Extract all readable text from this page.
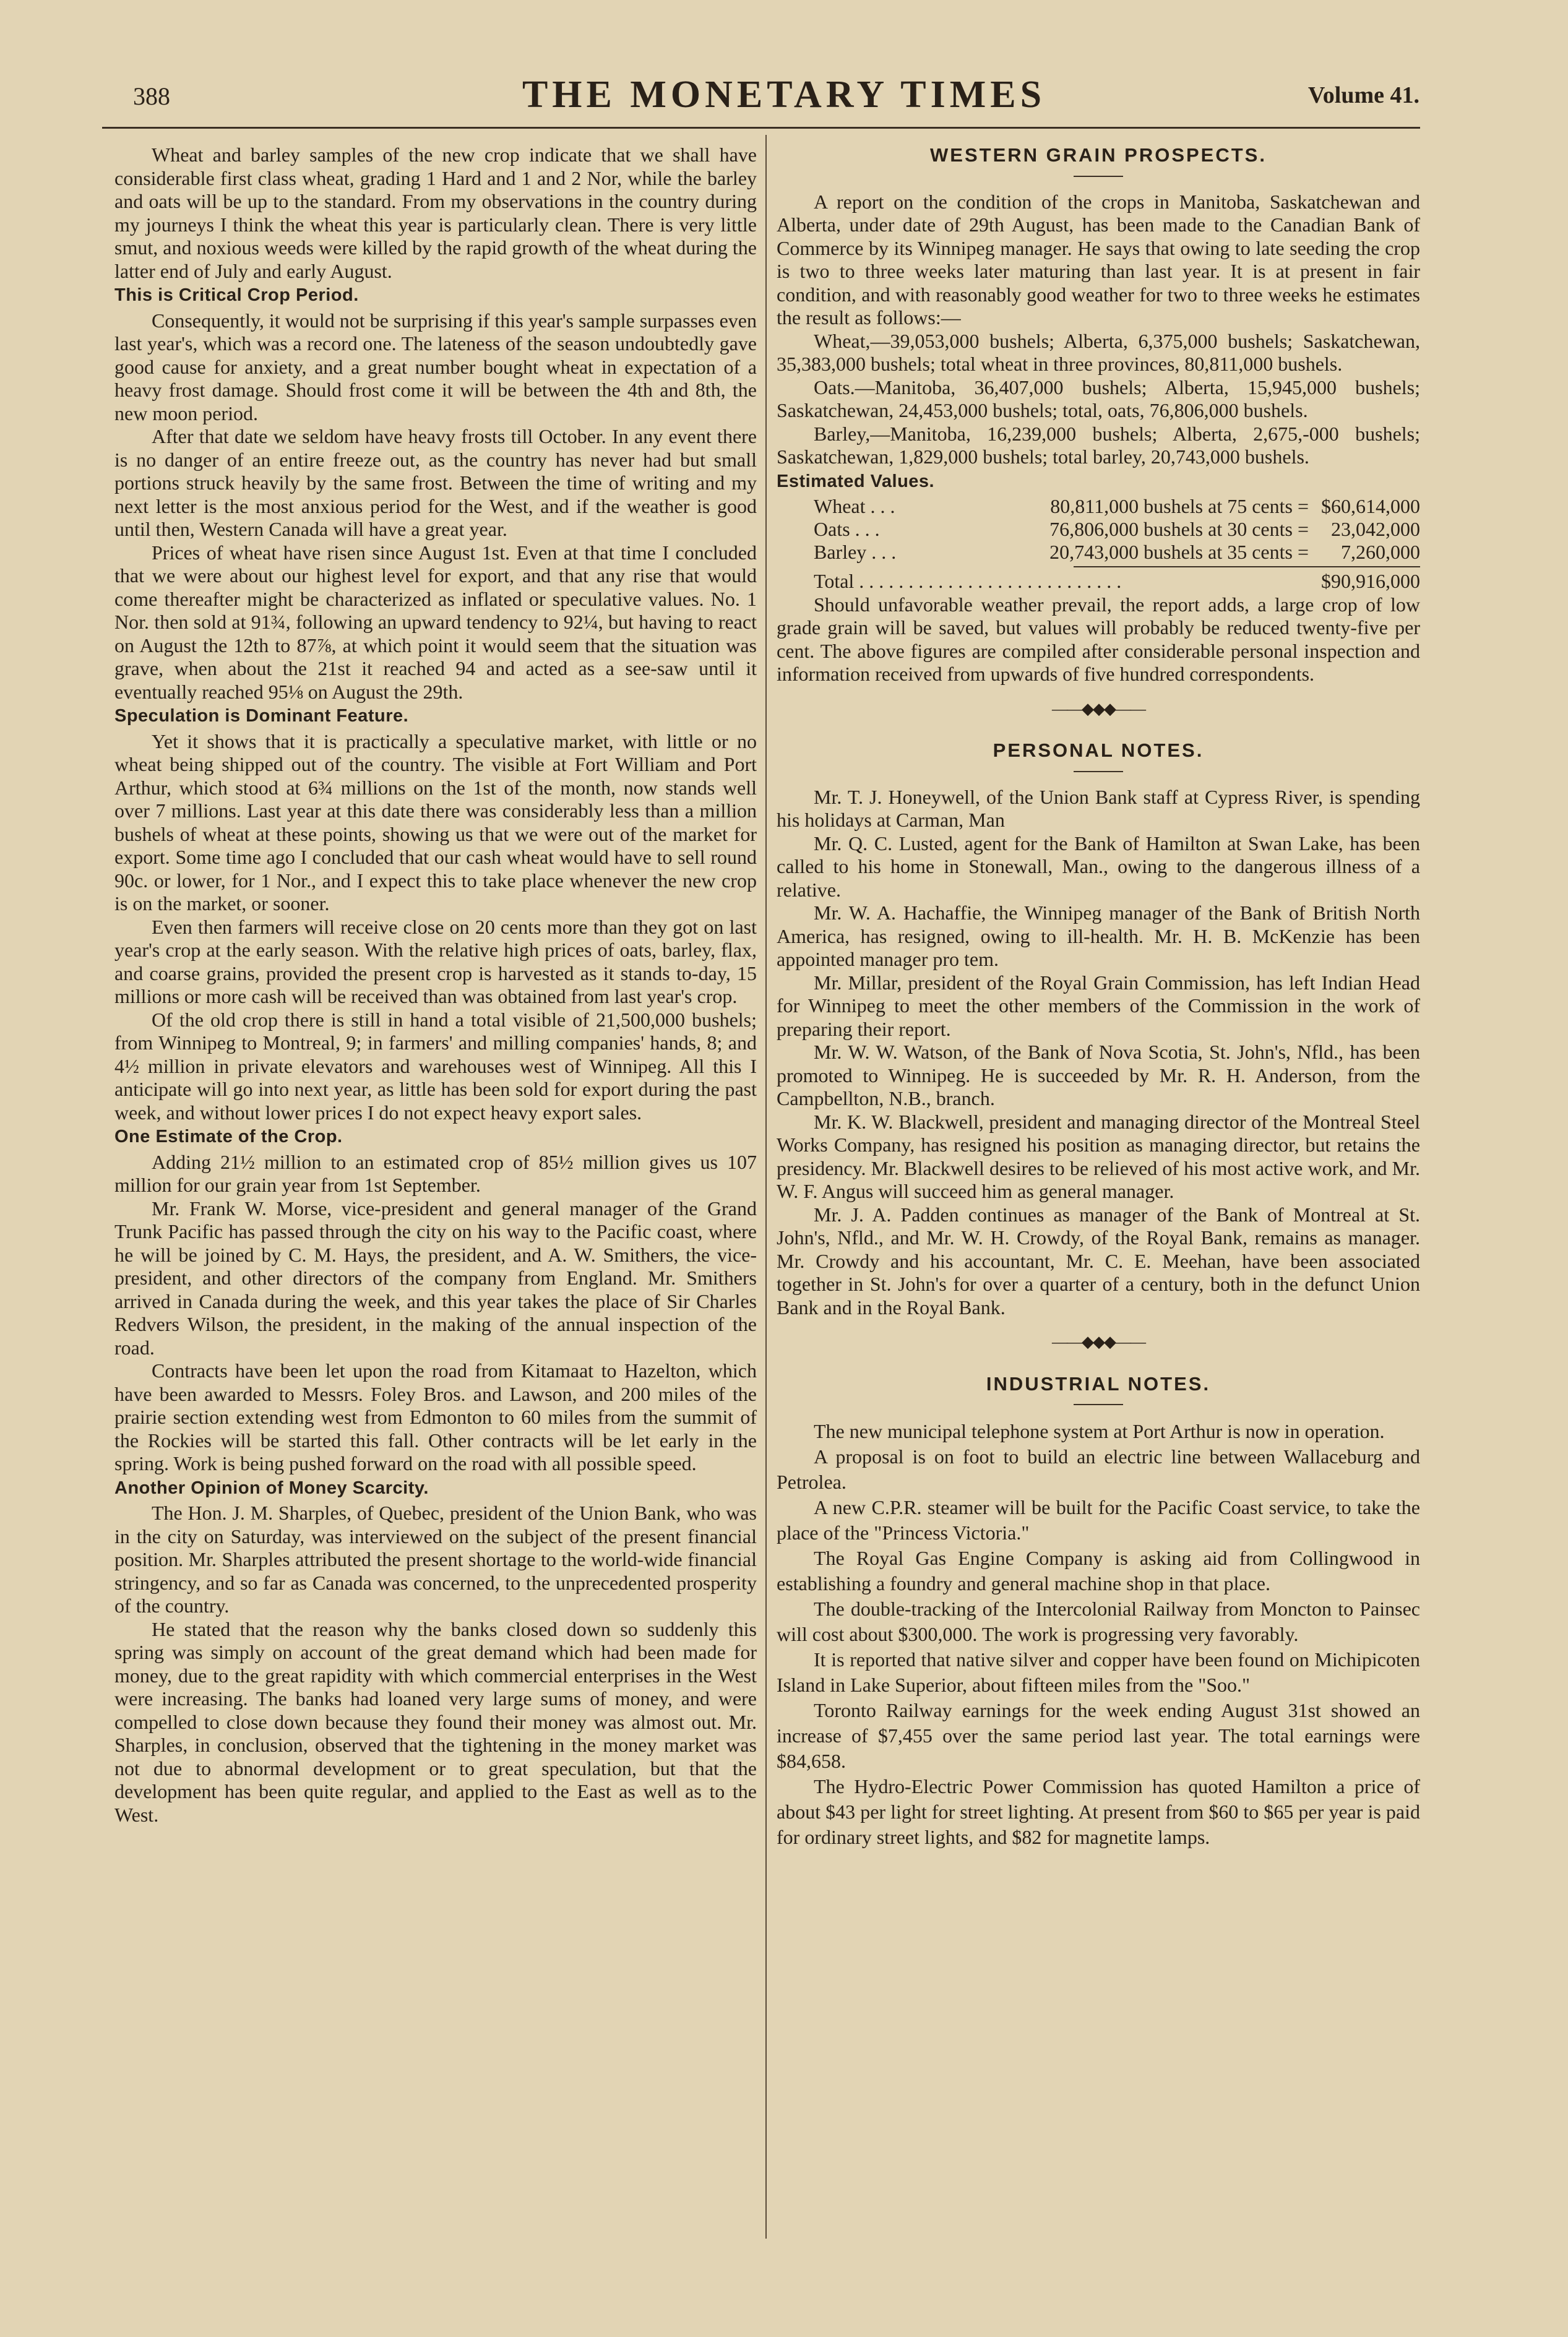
388	THE MONETARY TIMES	Volume 41.

Wheat and barley samples of the new crop indicate that we shall have considerable first class wheat, grading 1 Hard and 1 and 2 Nor, while the barley and oats will be up to the standard. From my observations in the country during my journeys I think the wheat this year is particularly clean. There is very little smut, and noxious weeds were killed by the rapid growth of the wheat during the latter end of July and early August.

This is Critical Crop Period.

Consequently, it would not be surprising if this year's sample surpasses even last year's, which was a record one. The lateness of the season undoubtedly gave good cause for anxiety, and a great number bought wheat in expectation of a heavy frost damage. Should frost come it will be between the 4th and 8th, the new moon period.

After that date we seldom have heavy frosts till October. In any event there is no danger of an entire freeze out, as the country has never had but small portions struck heavily by the same frost. Between the time of writing and my next letter is the most anxious period for the West, and if the weather is good until then, Western Canada will have a great year.

Prices of wheat have risen since August 1st. Even at that time I concluded that we were about our highest level for export, and that any rise that would come thereafter might be characterized as inflated or speculative values. No. 1 Nor. then sold at 91¾, following an upward tendency to 92¼, but having to react on August the 12th to 87⅞, at which point it would seem that the situation was grave, when about the 21st it reached 94 and acted as a see-saw until it eventually reached 95⅛ on August the 29th.

Speculation is Dominant Feature.

Yet it shows that it is practically a speculative market, with little or no wheat being shipped out of the country. The visible at Fort William and Port Arthur, which stood at 6¾ millions on the 1st of the month, now stands well over 7 millions. Last year at this date there was considerably less than a million bushels of wheat at these points, showing us that we were out of the market for export. Some time ago I concluded that our cash wheat would have to sell round 90c. or lower, for 1 Nor., and I expect this to take place whenever the new crop is on the market, or sooner.

Even then farmers will receive close on 20 cents more than they got on last year's crop at the early season. With the relative high prices of oats, barley, flax, and coarse grains, provided the present crop is harvested as it stands to-day, 15 millions or more cash will be received than was obtained from last year's crop.

Of the old crop there is still in hand a total visible of 21,500,000 bushels; from Winnipeg to Montreal, 9; in farmers' and milling companies' hands, 8; and 4½ million in private elevators and warehouses west of Winnipeg. All this I anticipate will go into next year, as little has been sold for export during the past week, and without lower prices I do not expect heavy export sales.

One Estimate of the Crop.

Adding 21½ million to an estimated crop of 85½ million gives us 107 million for our grain year from 1st September.

Mr. Frank W. Morse, vice-president and general manager of the Grand Trunk Pacific has passed through the city on his way to the Pacific coast, where he will be joined by C. M. Hays, the president, and A. W. Smithers, the vice-president, and other directors of the company from England. Mr. Smithers arrived in Canada during the week, and this year takes the place of Sir Charles Redvers Wilson, the president, in the making of the annual inspection of the road.

Contracts have been let upon the road from Kitamaat to Hazelton, which have been awarded to Messrs. Foley Bros. and Lawson, and 200 miles of the prairie section extending west from Edmonton to 60 miles from the summit of the Rockies will be started this fall. Other contracts will be let early in the spring. Work is being pushed forward on the road with all possible speed.

Another Opinion of Money Scarcity.

The Hon. J. M. Sharples, of Quebec, president of the Union Bank, who was in the city on Saturday, was interviewed on the subject of the present financial position. Mr. Sharples attributed the present shortage to the world-wide financial stringency, and so far as Canada was concerned, to the unprecedented prosperity of the country.

He stated that the reason why the banks closed down so suddenly this spring was simply on account of the great demand which had been made for money, due to the great rapidity with which commercial enterprises in the West were increasing. The banks had loaned very large sums of money, and were compelled to close down because they found their money was almost out. Mr. Sharples, in conclusion, observed that the tightening in the money market was not due to abnormal development or to great speculation, but that the development has been quite regular, and applied to the East as well as to the West.

WESTERN GRAIN PROSPECTS.

A report on the condition of the crops in Manitoba, Saskatchewan and Alberta, under date of 29th August, has been made to the Canadian Bank of Commerce by its Winnipeg manager. He says that owing to late seeding the crop is two to three weeks later maturing than last year. It is at present in fair condition, and with reasonably good weather for two to three weeks he estimates the result as follows:—

Wheat,—39,053,000 bushels; Alberta, 6,375,000 bushels; Saskatchewan, 35,383,000 bushels; total wheat in three provinces, 80,811,000 bushels.

Oats.—Manitoba, 36,407,000 bushels; Alberta, 15,945,000 bushels; Saskatchewan, 24,453,000 bushels; total, oats, 76,806,000 bushels.

Barley,—Manitoba, 16,239,000 bushels; Alberta, 2,675,-000 bushels; Saskatchewan, 1,829,000 bushels; total barley, 20,743,000 bushels.

Estimated Values.
Wheat . . .	80,811,000 bushels at 75 cents =	$60,614,000
Oats . . .	76,806,000 bushels at 30 cents =	23,042,000
Barley . . .	20,743,000 bushels at 35 cents =	7,260,000
Total . . . . . . . . . . . . . . . . . . . . . . . . . . .	$90,916,000

Should unfavorable weather prevail, the report adds, a large crop of low grade grain will be saved, but values will probably be reduced twenty-five per cent. The above figures are compiled after considerable personal inspection and information received from upwards of five hundred correspondents.

——◆◆◆——
PERSONAL NOTES.

Mr. T. J. Honeywell, of the Union Bank staff at Cypress River, is spending his holidays at Carman, Man

Mr. Q. C. Lusted, agent for the Bank of Hamilton at Swan Lake, has been called to his home in Stonewall, Man., owing to the dangerous illness of a relative.

Mr. W. A. Hachaffie, the Winnipeg manager of the Bank of British North America, has resigned, owing to ill-health. Mr. H. B. McKenzie has been appointed manager pro tem.

Mr. Millar, president of the Royal Grain Commission, has left Indian Head for Winnipeg to meet the other members of the Commission in the work of preparing their report.

Mr. W. W. Watson, of the Bank of Nova Scotia, St. John's, Nfld., has been promoted to Winnipeg. He is succeeded by Mr. R. H. Anderson, from the Campbellton, N.B., branch.

Mr. K. W. Blackwell, president and managing director of the Montreal Steel Works Company, has resigned his position as managing director, but retains the presidency. Mr. Blackwell desires to be relieved of his most active work, and Mr. W. F. Angus will succeed him as general manager.

Mr. J. A. Padden continues as manager of the Bank of Montreal at St. John's, Nfld., and Mr. W. H. Crowdy, of the Royal Bank, remains as manager. Mr. Crowdy and his accountant, Mr. C. E. Meehan, have been associated together in St. John's for over a quarter of a century, both in the defunct Union Bank and in the Royal Bank.

——◆◆◆——
INDUSTRIAL NOTES.

The new municipal telephone system at Port Arthur is now in operation.

A proposal is on foot to build an electric line between Wallaceburg and Petrolea.

A new C.P.R. steamer will be built for the Pacific Coast service, to take the place of the "Princess Victoria."

The Royal Gas Engine Company is asking aid from Collingwood in establishing a foundry and general machine shop in that place.

The double-tracking of the Intercolonial Railway from Moncton to Painsec will cost about $300,000. The work is progressing very favorably.

It is reported that native silver and copper have been found on Michipicoten Island in Lake Superior, about fifteen miles from the "Soo."

Toronto Railway earnings for the week ending August 31st showed an increase of $7,455 over the same period last year. The total earnings were $84,658.

The Hydro-Electric Power Commission has quoted Hamilton a price of about $43 per light for street lighting. At present from $60 to $65 per year is paid for ordinary street lights, and $82 for magnetite lamps.
